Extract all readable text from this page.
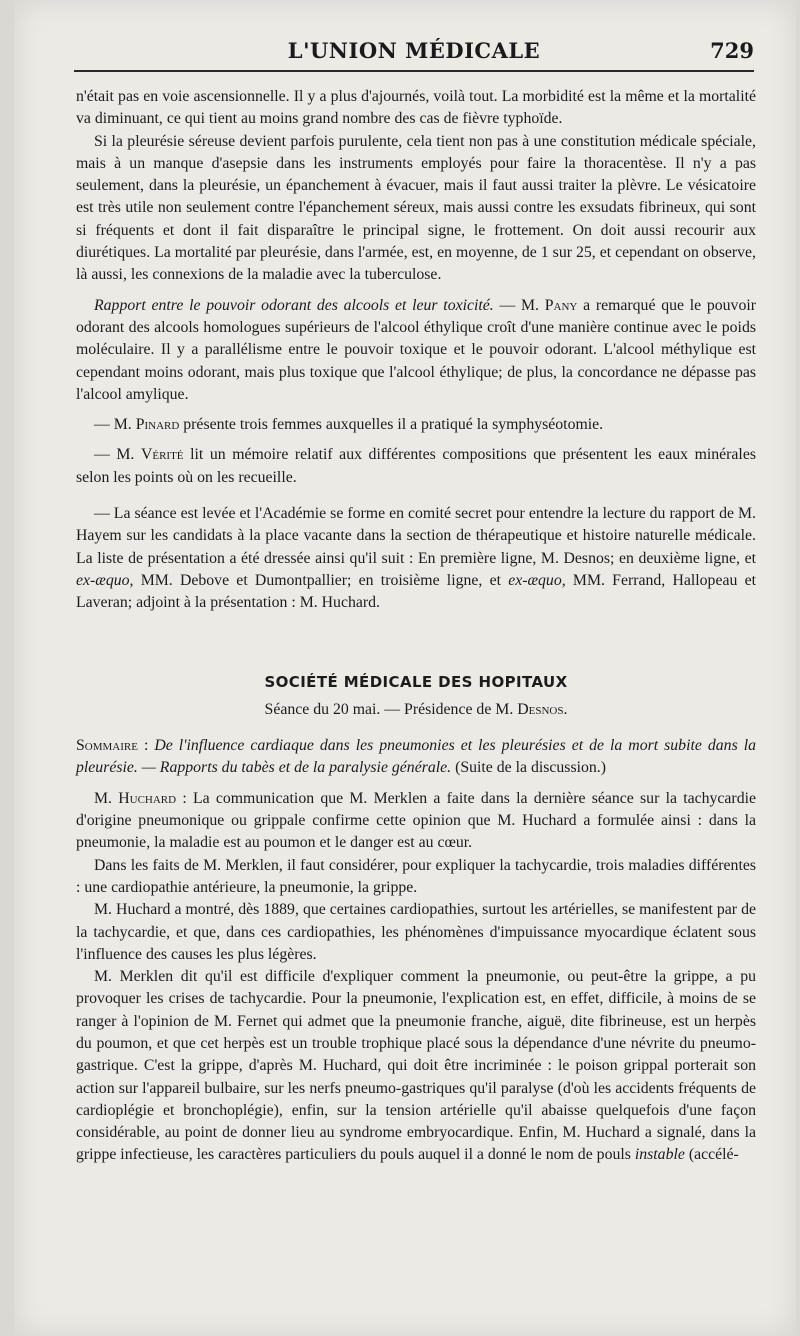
L'UNION MÉDICALE	729

n'était pas en voie ascensionnelle. Il y a plus d'ajournés, voilà tout. La morbidité est la même et la mortalité va diminuant, ce qui tient au moins grand nombre des cas de fièvre typhoïde.

Si la pleurésie séreuse devient parfois purulente, cela tient non pas à une constitution médicale spéciale, mais à un manque d'asepsie dans les instruments employés pour faire la thoracentèse. Il n'y a pas seulement, dans la pleurésie, un épanchement à évacuer, mais il faut aussi traiter la plèvre. Le vésicatoire est très utile non seulement contre l'épanchement séreux, mais aussi contre les exsudats fibrineux, qui sont si fréquents et dont il fait disparaître le principal signe, le frottement. On doit aussi recourir aux diurétiques. La mortalité par pleurésie, dans l'armée, est, en moyenne, de 1 sur 25, et cependant on observe, là aussi, les connexions de la maladie avec la tuberculose.

Rapport entre le pouvoir odorant des alcools et leur toxicité. — M. Pany a remarqué que le pouvoir odorant des alcools homologues supérieurs de l'alcool éthylique croît d'une manière continue avec le poids moléculaire. Il y a parallélisme entre le pouvoir toxique et le pouvoir odorant. L'alcool méthylique est cependant moins odorant, mais plus toxique que l'alcool éthylique; de plus, la concordance ne dépasse pas l'alcool amylique.

— M. Pinard présente trois femmes auxquelles il a pratiqué la symphyséotomie.

— M. Vérité lit un mémoire relatif aux différentes compositions que présentent les eaux minérales selon les points où on les recueille.

— La séance est levée et l'Académie se forme en comité secret pour entendre la lecture du rapport de M. Hayem sur les candidats à la place vacante dans la section de thérapeutique et histoire naturelle médicale. La liste de présentation a été dressée ainsi qu'il suit : En première ligne, M. Desnos; en deuxième ligne, et ex-æquo, MM. Debove et Dumontpallier; en troisième ligne, et ex-æquo, MM. Ferrand, Hallopeau et Laveran; adjoint à la présentation : M. Huchard.

SOCIÉTÉ MÉDICALE DES HOPITAUX

Séance du 20 mai. — Présidence de M. Desnos.

Sommaire : De l'influence cardiaque dans les pneumonies et les pleurésies et de la mort subite dans la pleurésie. — Rapports du tabès et de la paralysie générale. (Suite de la discussion.)

M. Huchard : La communication que M. Merklen a faite dans la dernière séance sur la tachycardie d'origine pneumonique ou grippale confirme cette opinion que M. Huchard a formulée ainsi : dans la pneumonie, la maladie est au poumon et le danger est au cœur.

Dans les faits de M. Merklen, il faut considérer, pour expliquer la tachycardie, trois maladies différentes : une cardiopathie antérieure, la pneumonie, la grippe.

M. Huchard a montré, dès 1889, que certaines cardiopathies, surtout les artérielles, se manifestent par de la tachycardie, et que, dans ces cardiopathies, les phénomènes d'impuissance myocardique éclatent sous l'influence des causes les plus légères.

M. Merklen dit qu'il est difficile d'expliquer comment la pneumonie, ou peut-être la grippe, a pu provoquer les crises de tachycardie. Pour la pneumonie, l'explication est, en effet, difficile, à moins de se ranger à l'opinion de M. Fernet qui admet que la pneumonie franche, aiguë, dite fibrineuse, est un herpès du poumon, et que cet herpès est un trouble trophique placé sous la dépendance d'une névrite du pneumo-gastrique. C'est la grippe, d'après M. Huchard, qui doit être incriminée : le poison grippal porterait son action sur l'appareil bulbaire, sur les nerfs pneumo-gastriques qu'il paralyse (d'où les accidents fréquents de cardioplégie et bronchoplégie), enfin, sur la tension artérielle qu'il abaisse quelquefois d'une façon considérable, au point de donner lieu au syndrome embryocardique. Enfin, M. Huchard a signalé, dans la grippe infectieuse, les caractères particuliers du pouls auquel il a donné le nom de pouls instable (accélé-
